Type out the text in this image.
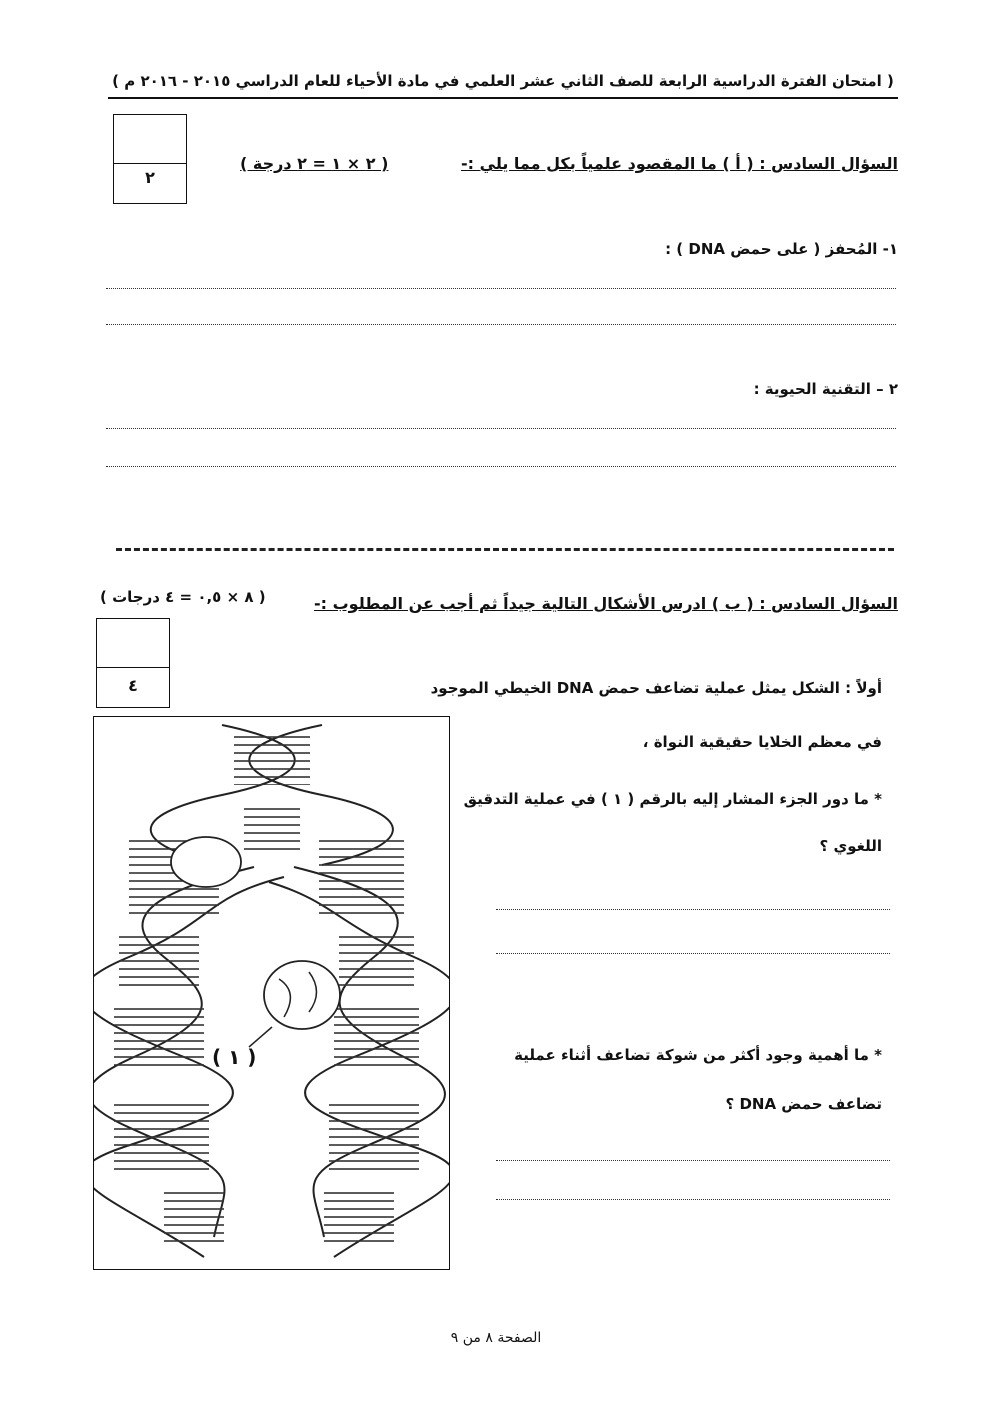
( امتحان الفترة الدراسية الرابعة للصف الثاني عشر العلمي في مادة الأحياء للعام الدراسي ٢٠١٥ - ٢٠١٦ م )
٢
السؤال السادس : ( أ ) ما المقصود علمياً بكل مما يلي :-
( ٢ × ١ = ٢ درجة )
١- المُحفز ( على حمض DNA ) :
٢ – التقنية الحيوية :
السؤال السادس : ( ب ) ادرس الأشكال التالية جيداً ثم أجب عن المطلوب :-
( ٨ × ٠,٥ = ٤ درجات )
٤	أولاً : الشكل يمثل عملية تضاعف حمض DNA الخيطي الموجود
في معظم الخلايا حقيقية النواة ،
* ما دور الجزء المشار إليه بالرقم ( ١ ) في عملية التدقيق
اللغوي ؟
* ما أهمية وجود أكثر من شوكة تضاعف أثناء عملية
تضاعف حمض DNA ؟
( ١ )
الصفحة ٨ من ٩
